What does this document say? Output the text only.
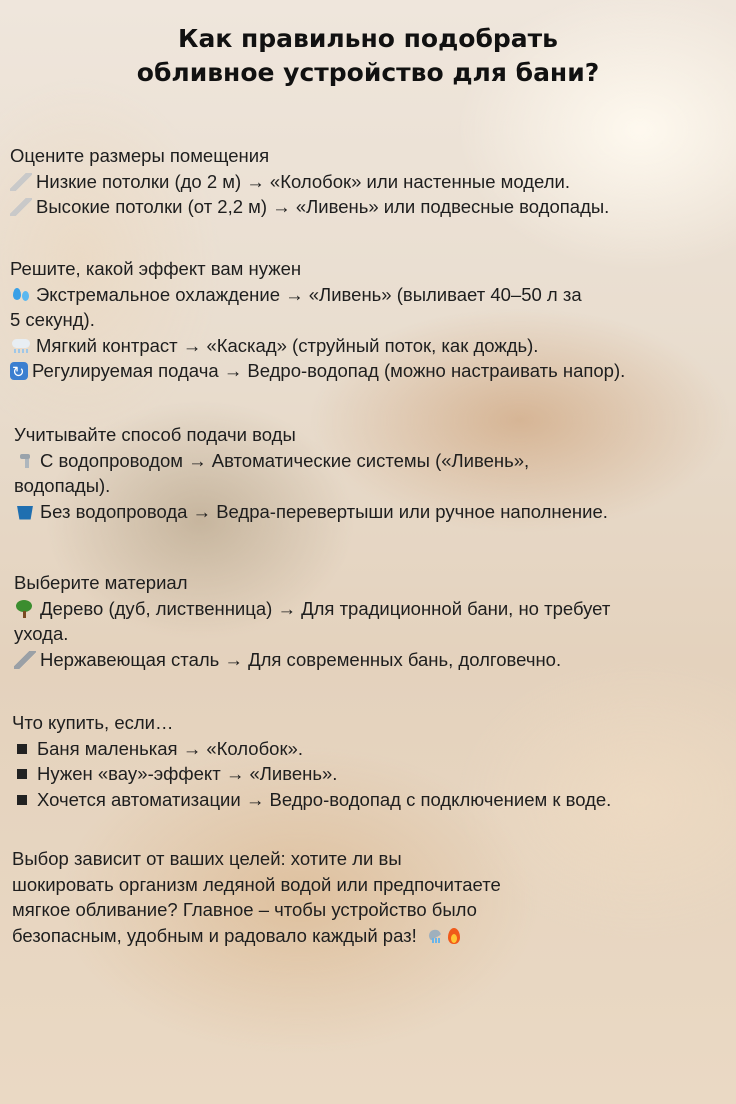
Как правильно подобрать
обливное устройство для бани?
Оцените размеры помещения
Низкие потолки (до 2 м) → «Колобок» или настенные модели.
Высокие потолки (от 2,2 м) → «Ливень» или подвесные водопады.
Решите, какой эффект вам нужен
Экстремальное охлаждение → «Ливень» (выливает 40–50 л за
5 секунд).
Мягкий контраст → «Каскад» (струйный поток, как дождь).
↻Регулируемая подача → Ведро-водопад (можно настраивать напор).
Учитывайте способ подачи воды
С водопроводом → Автоматические системы («Ливень»,
водопады).
Без водопровода → Ведра-перевертыши или ручное наполнение.
Выберите материал
Дерево (дуб, лиственница) → Для традиционной бани, но требует
ухода.
Нержавеющая сталь → Для современных бань, долговечно.
Что купить, если…
Баня маленькая → «Колобок».
Нужен «вау»-эффект → «Ливень».
Хочется автоматизации → Ведро-водопад с подключением к воде.
Выбор зависит от ваших целей: хотите ли вы
шокировать организм ледяной водой или предпочитаете
мягкое обливание? Главное – чтобы устройство было
безопасным, удобным и радовало каждый раз!
